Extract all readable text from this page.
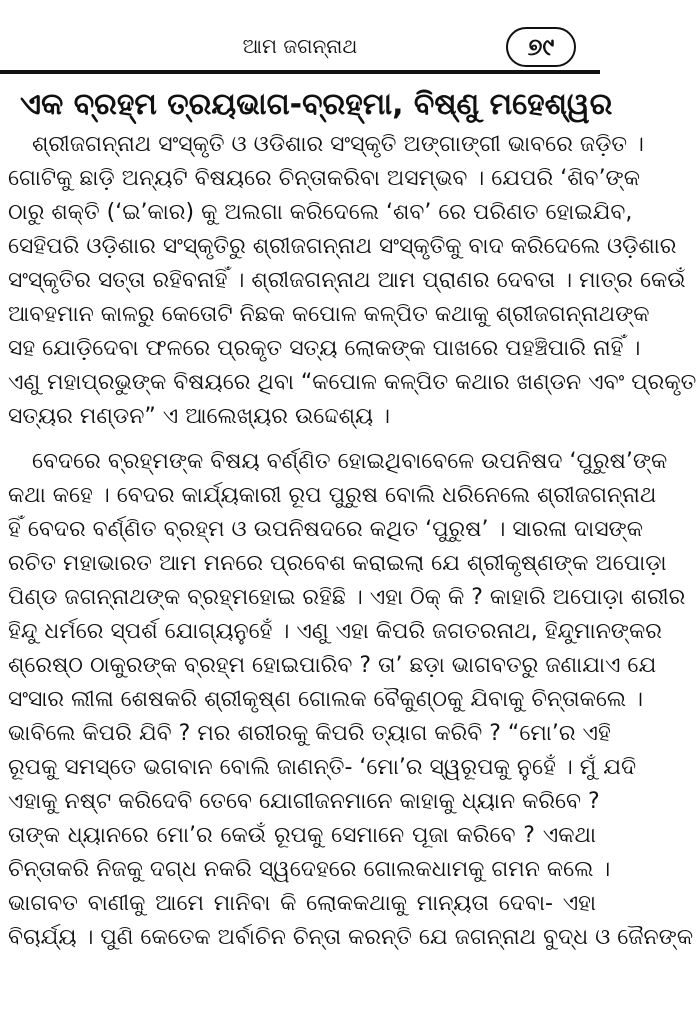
ଆମ ଜଗନ୍ନାଥ	୭୯
ଏକ ବ୍ରହ୍ମ ତ୍ରୟଭାଗ-ବ୍ରହ୍ମା, ବିଷ୍ଣୁ ମହେଶ୍ୱର
ଶ୍ରୀଜଗନ୍ନାଥ ସଂସ୍କୃତି ଓ ଓଡିଶାର ସଂସ୍କୃତି ଅଙ୍ଗାଙ୍ଗୀ ଭାବରେ ଜଡ଼ିତ ।
ଗୋଟିକୁ ଛାଡ଼ି ଅନ୍ୟଟି ବିଷୟରେ ଚିନ୍ତାକରିବା ଅସମ୍ଭବ । ଯେପରି ‘ଶିବ’ଙ୍କ
ଠାରୁ ଶକ୍ତି (‘ଇ’କାର) କୁ ଅଲଗା କରିଦେଲେ ‘ଶବ’ ରେ ପରିଣତ ହୋଇଯିବ,
ସେହିପରି ଓଡ଼ିଶାର ସଂସ୍କୃତିରୁ ଶ୍ରୀଜଗନ୍ନାଥ ସଂସ୍କୃତିକୁ ବାଦ କରିଦେଲେ ଓଡ଼ିଶାର
ସଂସ୍କୃତିର ସତ୍ତା ରହିବନାହିଁ । ଶ୍ରୀଜଗନ୍ନାଥ ଆମ ପ୍ରାଣର ଦେବତା । ମାତ୍ର କେଉଁ
ଆବହମାନ କାଳରୁ କେତୋଟି ନିଛକ କପୋଳ କଳ୍ପିତ କଥାକୁ ଶ୍ରୀଜଗନ୍ନାଥଙ୍କ
ସହ ଯୋଡ଼ିଦେବା ଫଳରେ ପ୍ରକୃତ ସତ୍ୟ ଲୋକଙ୍କ ପାଖରେ ପହଞ୍ଚିପାରି ନାହିଁ ।
ଏଣୁ ମହାପ୍ରଭୁଙ୍କ ବିଷୟରେ ଥିବା “କପୋଳ କଳ୍ପିତ କଥାର ଖଣ୍ଡନ ଏବଂ ପ୍ରକୃତ
ସତ୍ୟର ମଣ୍ଡନ” ଏ ଆଲେଖ୍ୟର ଉଦ୍ଦେଶ୍ୟ ।
ବେଦରେ ବ୍ରହ୍ମଙ୍କ ବିଷୟ ବର୍ଣ୍ଣିତ ହୋଇଥିବାବେଳେ ଉପନିଷଦ ‘ପୁରୁଷ’ଙ୍କ
କଥା କହେ । ବେଦର କାର୍ଯ୍ୟକାରୀ ରୂପ ପୁରୁଷ ବୋଲି ଧରିନେଲେ ଶ୍ରୀଜଗନ୍ନାଥ
ହିଁ ବେଦର ବର୍ଣ୍ଣିତ ବ୍ରହ୍ମ ଓ ଉପନିଷଦରେ କଥିତ ‘ପୁରୁଷ’ । ସାରଳା ଦାସଙ୍କ
ରଚିତ ମହାଭାରତ ଆମ ମନରେ ପ୍ରବେଶ କରାଇଲା ଯେ ଶ୍ରୀକୃଷ୍ଣଙ୍କ ଅପୋଡ଼ା
ପିଣ୍ଡ ଜଗନ୍ନାଥଙ୍କ ବ୍ରହ୍ମହୋଇ ରହିଛି । ଏହା ଠିକ୍ କି ? କାହାରି ଅପୋଡ଼ା ଶରୀର
ହିନ୍ଦୁ ଧର୍ମରେ ସ୍ପର୍ଶ ଯୋଗ୍ୟନୁହେଁ । ଏଣୁ ଏହା କିପରି ଜଗତରନାଥ, ହିନ୍ଦୁମାନଙ୍କର
ଶ୍ରେଷ୍ଠ ଠାକୁରଙ୍କ ବ୍ରହ୍ମ ହୋଇପାରିବ ? ତା’ ଛଡ଼ା ଭାଗବତରୁ ଜଣାଯାଏ ଯେ
ସଂସାର ଲୀଳା ଶେଷକରି ଶ୍ରୀକୃଷ୍ଣ ଗୋଲକ ବୈକୁଣ୍ଠକୁ ଯିବାକୁ ଚିନ୍ତାକଲେ ।
ଭାବିଲେ କିପରି ଯିବି ? ମର ଶରୀରକୁ କିପରି ତ୍ୟାଗ କରିବି ? “ମୋ’ର ଏହି
ରୂପକୁ ସମସ୍ତେ ଭଗବାନ ବୋଲି ଜାଣନ୍ତି- ‘ମୋ’ର ସ୍ୱରୂପକୁ ନୁହେଁ । ମୁଁ ଯଦି
ଏହାକୁ ନଷ୍ଟ କରିଦେବି ତେବେ ଯୋଗୀଜନମାନେ କାହାକୁ ଧ୍ୟାନ କରିବେ ?
ତାଙ୍କ ଧ୍ୟାନରେ ମୋ’ର କେଉଁ ରୂପକୁ ସେମାନେ ପୂଜା କରିବେ ? ଏକଥା
ଚିନ୍ତାକରି ନିଜକୁ ଦଗ୍ଧ ନକରି ସ୍ୱଦେହରେ ଗୋଲକଧାମକୁ ଗମନ କଲେ ।
ଭାଗବତ ବାଣୀକୁ ଆମେ ମାନିବା କି ଲୋକକଥାକୁ ମାନ୍ୟତା ଦେବା- ଏହା
ବିଚାର୍ଯ୍ୟ । ପୁଣି କେତେକ ଅର୍ବାଚିନ ଚିନ୍ତା କରନ୍ତି ଯେ ଜଗନ୍ନାଥ ବୁଦ୍ଧ ଓ ଜୈନଙ୍କ
